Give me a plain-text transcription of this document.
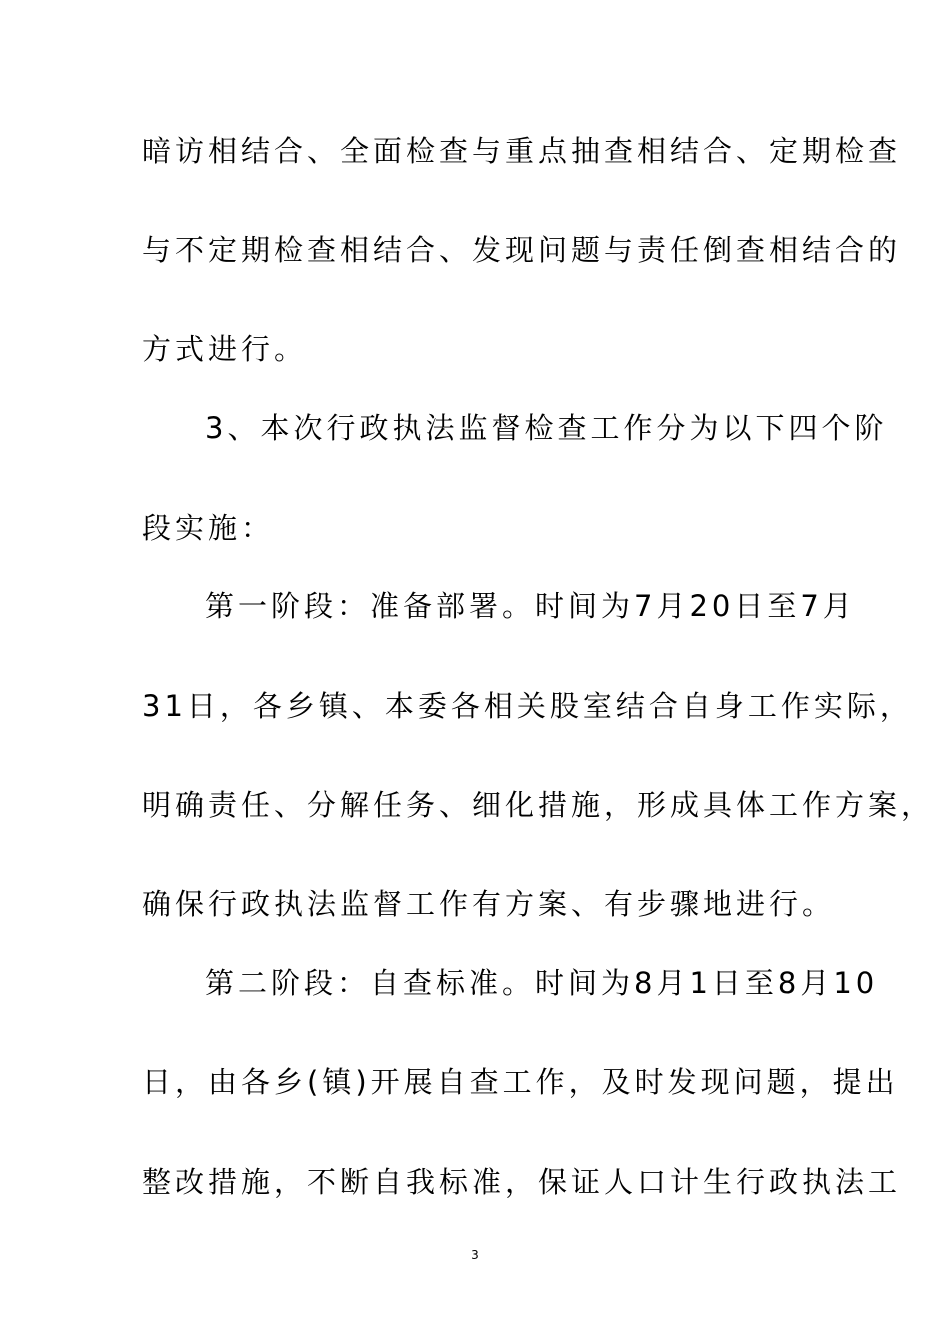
暗访相结合、全面检查与重点抽查相结合、定期检查
与不定期检查相结合、发现问题与责任倒查相结合的
方式进行。
3、本次行政执法监督检查工作分为以下四个阶
段实施：
第一阶段：准备部署。时间为7月20日至7月
31日，各乡镇、本委各相关股室结合自身工作实际，
明确责任、分解任务、细化措施，形成具体工作方案，
确保行政执法监督工作有方案、有步骤地进行。
第二阶段：自查标准。时间为8月1日至8月10
日，由各乡(镇)开展自查工作，及时发现问题，提出
整改措施，不断自我标准，保证人口计生行政执法工
3
